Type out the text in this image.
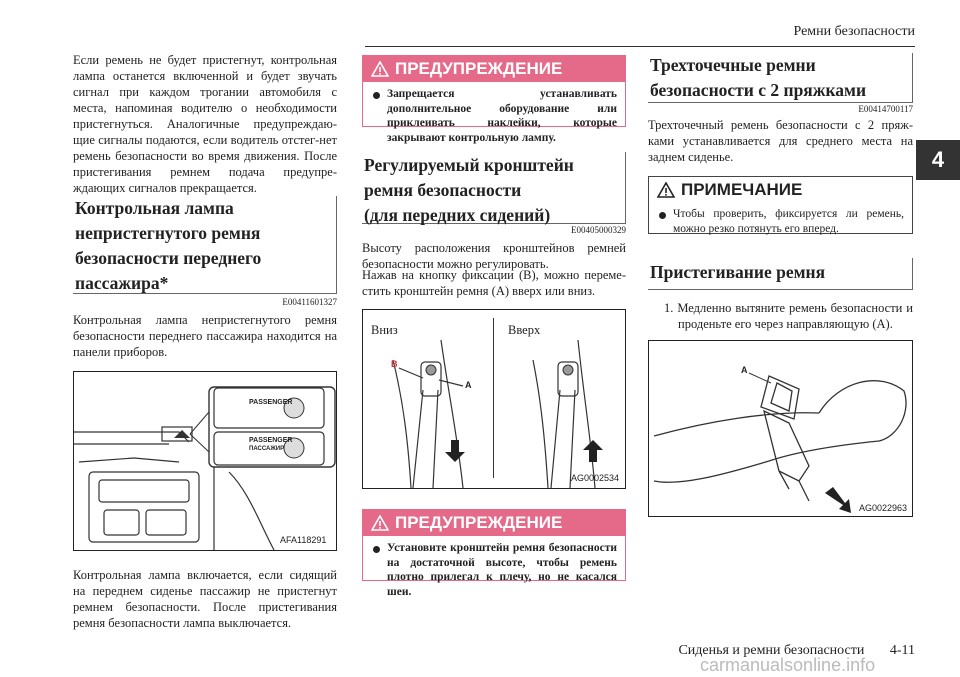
Ремни безопасности
4
Если ремень не будет пристегнут, контрольная лампа останется включенной и будет звучать сигнал при каждом трогании автомобиля с места, напоминая водителю о необходимости пристегнуться. Аналогичные предупреждаю-щие сигналы подаются, если водитель отстег-нет ремень безопасности во время движения. После пристегивания ремнем подача предупре-ждающих сигналов прекращается.
Контрольная лампа
непристегнутого ремня
безопасности переднего
пассажира*
E00411601327
Контрольная лампа непристегнутого ремня безопасности переднего пассажира находится на панели приборов.
PASSENGER
PASSENGER
ПАССАЖИР
AFA118291
Контрольная лампа включается, если сидящий на переднем сиденье пассажир не пристегнут ремнем безопасности. После пристегивания ремня безопасности лампа выключается.
ПРЕДУПРЕЖДЕНИЕ
Запрещается устанавливать дополнительное оборудование или приклеивать наклейки, которые закрывают контрольную лампу.
Регулируемый кронштейн
ремня безопасности
(для передних сидений)
E00405000329
Высоту расположения кронштейнов ремней безопасности можно регулировать.
Нажав на кнопку фиксации (B), можно переме-стить кронштейн ремня (A) вверх или вниз.
Вниз	Вверх
B
A
AG0002534
ПРЕДУПРЕЖДЕНИЕ
Установите кронштейн ремня безопасности на достаточной высоте, чтобы ремень плотно прилегал к плечу, но не касался шеи.
Трехточечные ремни
безопасности с 2 пряжками
E00414700117
Трехточечный ремень безопасности с 2 пряж-ками устанавливается для среднего места на заднем сиденье.
ПРИМЕЧАНИЕ
Чтобы проверить, фиксируется ли ремень, можно резко потянуть его вперед.
Пристегивание ремня
1. Медленно вытяните ремень безопасности и проденьте его через направляющую (A).
A
AG0022963
Сиденья и ремни безопасности 4-11
carmanualsonline.info
